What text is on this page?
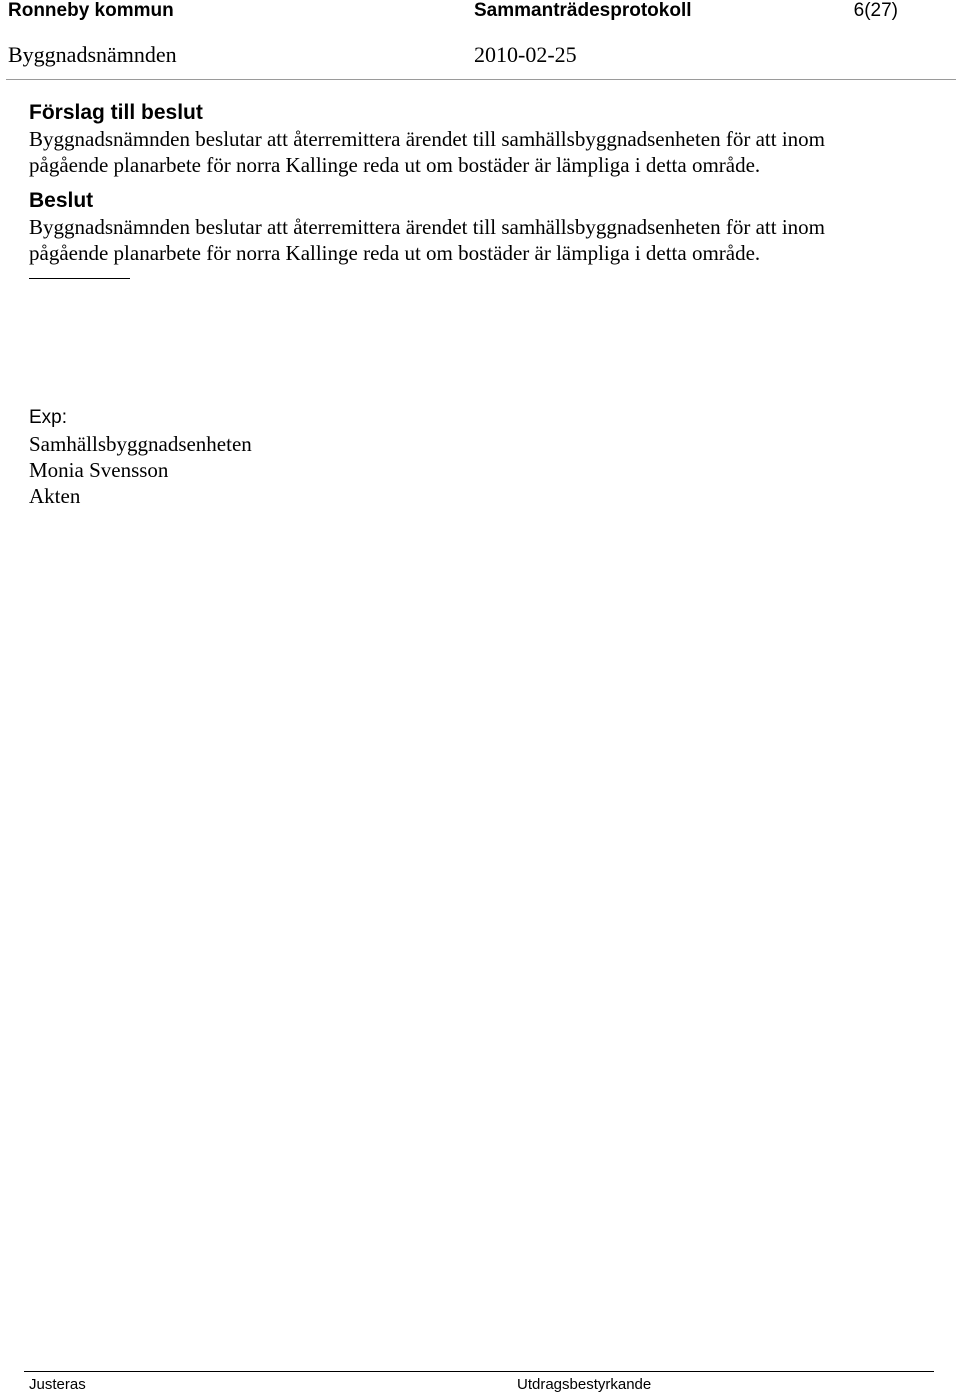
Ronneby kommun	Sammanträdesprotokoll	6(27)
Byggnadsnämnden	2010-02-25
Förslag till beslut

Byggnadsnämnden beslutar att återremittera ärendet till samhällsbyggnadsenheten för att inom

pågående planarbete för norra Kallinge reda ut om bostäder är lämpliga i detta område.

Beslut

Byggnadsnämnden beslutar att återremittera ärendet till samhällsbyggnadsenheten för att inom

pågående planarbete för norra Kallinge reda ut om bostäder är lämpliga i detta område.

Exp:

Samhällsbyggnadsenheten

Monia Svensson

Akten

Justeras	Utdragsbestyrkande
